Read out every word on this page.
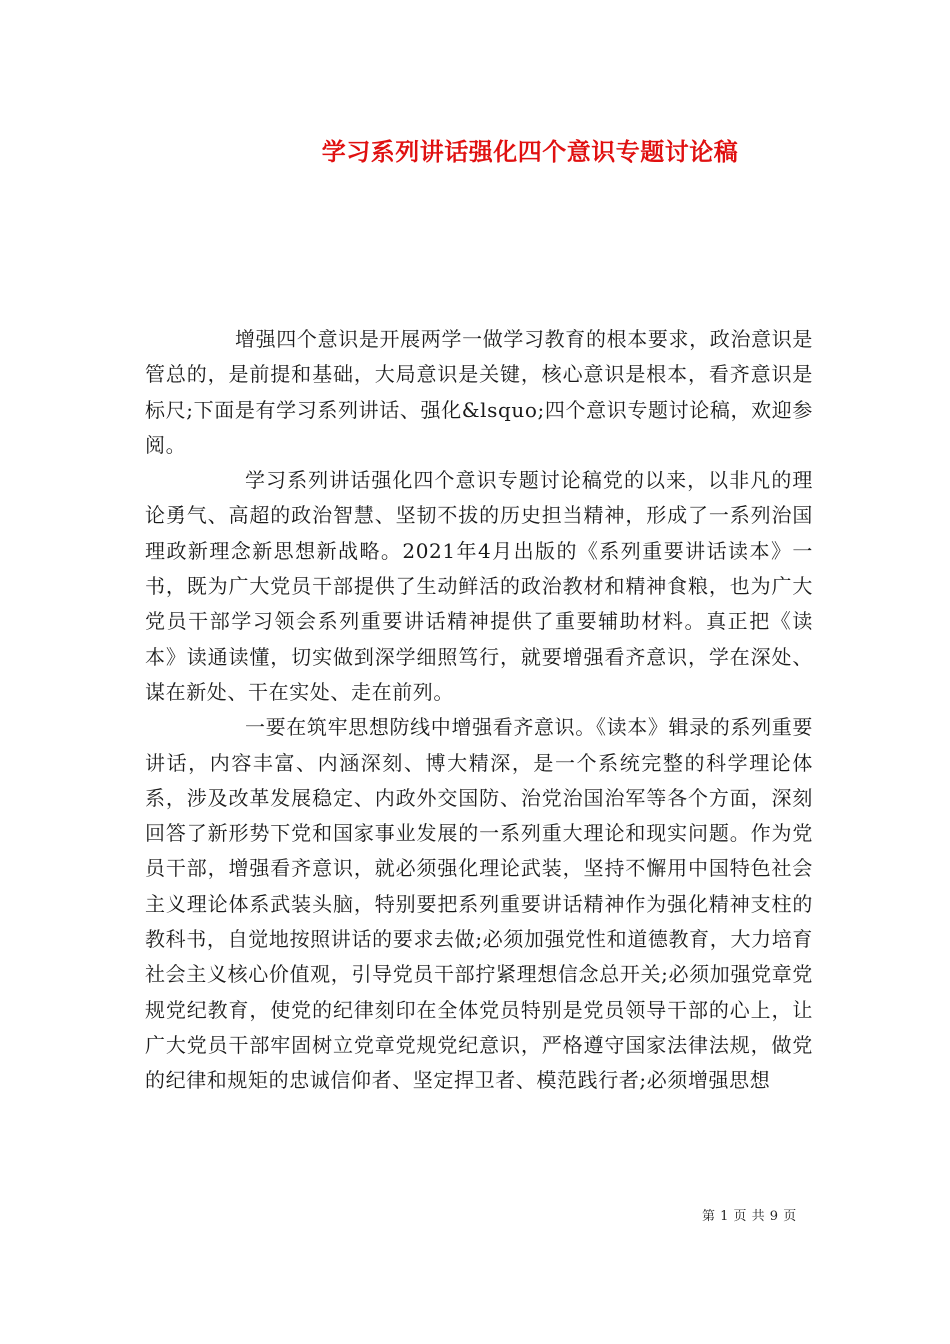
学习系列讲话强化四个意识专题讨论稿

增强四个意识是开展两学一做学习教育的根本要求，政治意识是管总的，是前提和基础，大局意识是关键，核心意识是根本，看齐意识是标尺;下面是有学习系列讲话、强化&lsquo;四个意识专题讨论稿，欢迎参阅。

学习系列讲话强化四个意识专题讨论稿党的以来，以非凡的理论勇气、高超的政治智慧、坚韧不拔的历史担当精神，形成了一系列治国理政新理念新思想新战略。2021年4月出版的《系列重要讲话读本》一书，既为广大党员干部提供了生动鲜活的政治教材和精神食粮，也为广大党员干部学习领会系列重要讲话精神提供了重要辅助材料。真正把《读本》读通读懂，切实做到深学细照笃行，就要增强看齐意识，学在深处、谋在新处、干在实处、走在前列。

一要在筑牢思想防线中增强看齐意识。《读本》辑录的系列重要讲话，内容丰富、内涵深刻、博大精深，是一个系统完整的科学理论体系，涉及改革发展稳定、内政外交国防、治党治国治军等各个方面，深刻回答了新形势下党和国家事业发展的一系列重大理论和现实问题。作为党员干部，增强看齐意识，就必须强化理论武装，坚持不懈用中国特色社会主义理论体系武装头脑，特别要把系列重要讲话精神作为强化精神支柱的教科书，自觉地按照讲话的要求去做;必须加强党性和道德教育，大力培育社会主义核心价值观，引导党员干部拧紧理想信念总开关;必须加强党章党规党纪教育，使党的纪律刻印在全体党员特别是党员领导干部的心上，让广大党员干部牢固树立党章党规党纪意识，严格遵守国家法律法规，做党的纪律和规矩的忠诚信仰者、坚定捍卫者、模范践行者;必须增强思想

第 1 页 共 9 页
